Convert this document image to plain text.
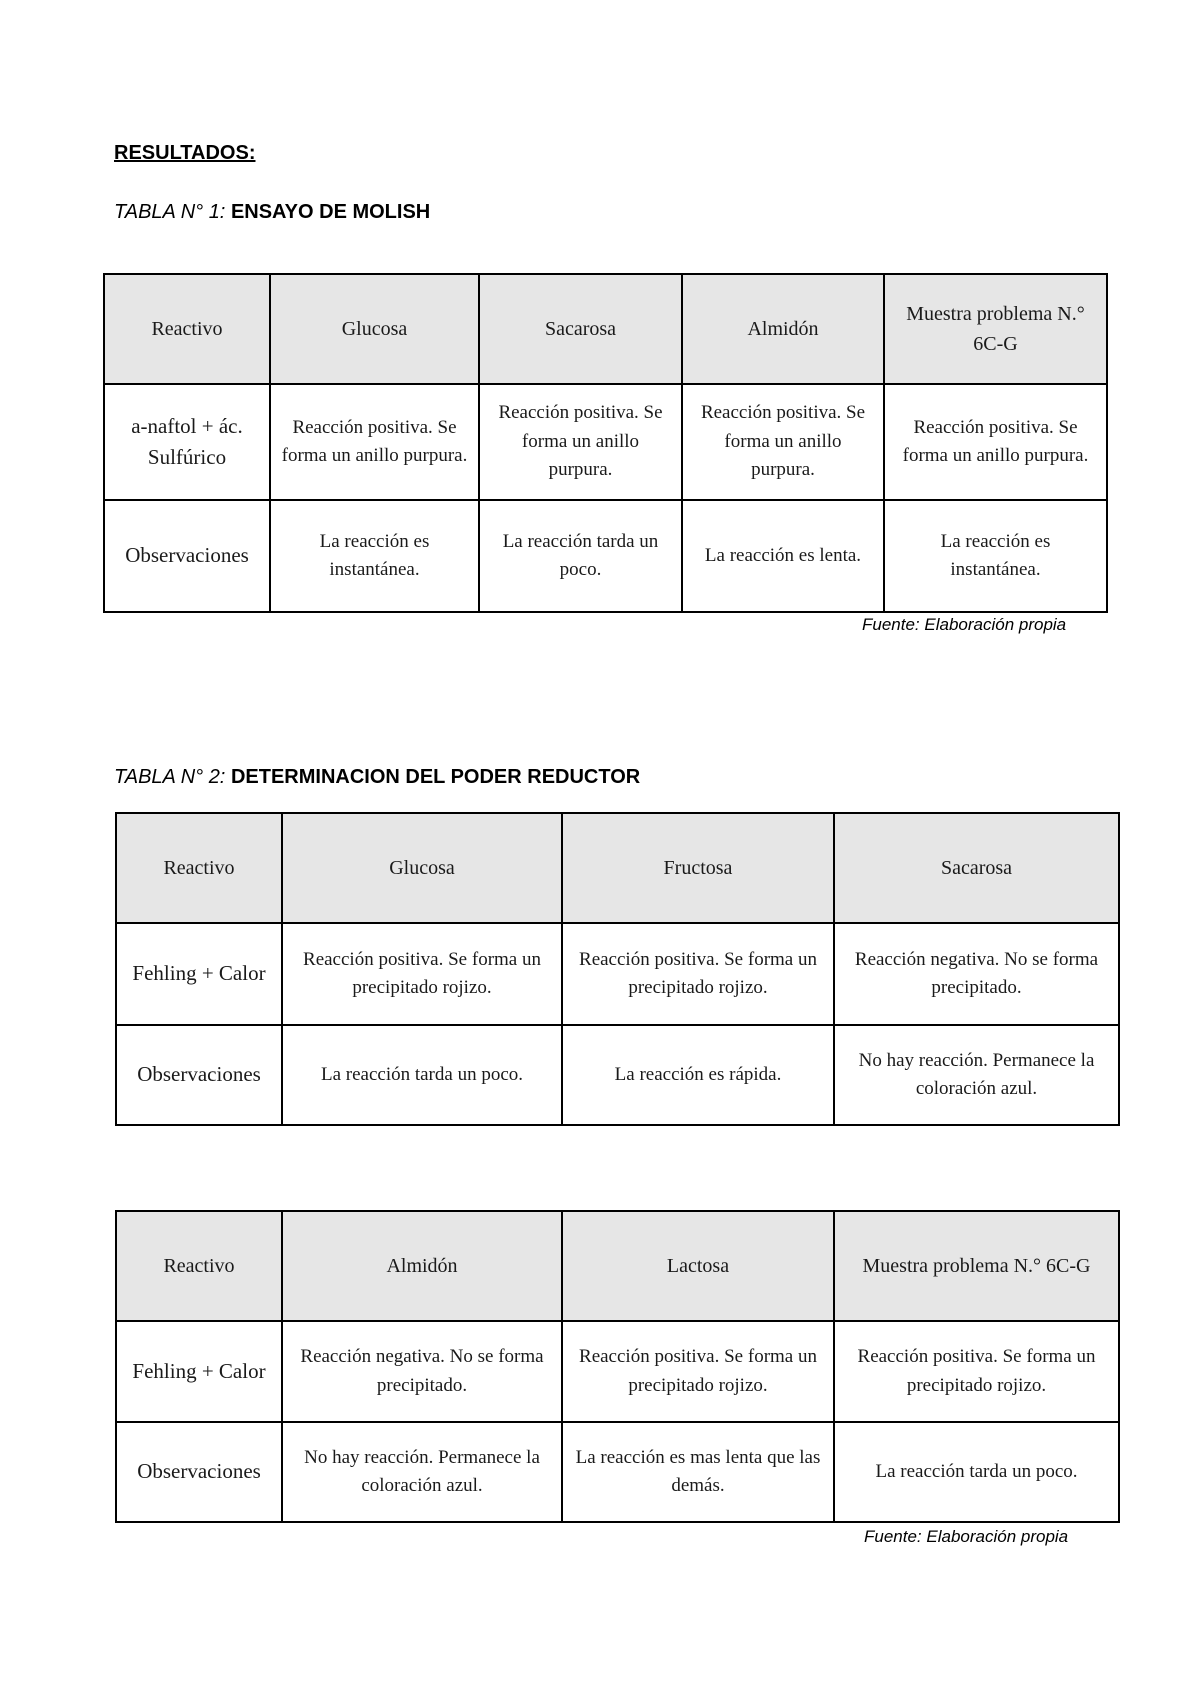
RESULTADOS:
TABLA N° 1: ENSAYO DE MOLISH
Reactivo	Glucosa	Sacarosa	Almidón	Muestra problema N.° 6C-G
a-naftol + ác. Sulfúrico	Reacción positiva. Se forma un anillo purpura.	Reacción positiva. Se forma un anillo purpura.	Reacción positiva. Se forma un anillo purpura.	Reacción positiva. Se forma un anillo purpura.
Observaciones	La reacción es instantánea.	La reacción tarda un poco.	La reacción es lenta.	La reacción es instantánea.
Fuente: Elaboración propia
TABLA N° 2: DETERMINACION DEL PODER REDUCTOR
Reactivo	Glucosa	Fructosa	Sacarosa
Fehling + Calor	Reacción positiva. Se forma un precipitado rojizo.	Reacción positiva. Se forma un precipitado rojizo.	Reacción negativa. No se forma precipitado.
Observaciones	La reacción tarda un poco.	La reacción es rápida.	No hay reacción. Permanece la coloración azul.
Reactivo	Almidón	Lactosa	Muestra problema N.° 6C-G
Fehling + Calor	Reacción negativa. No se forma precipitado.	Reacción positiva. Se forma un precipitado rojizo.	Reacción positiva. Se forma un precipitado rojizo.
Observaciones	No hay reacción. Permanece la coloración azul.	La reacción es mas lenta que las demás.	La reacción tarda un poco.
Fuente: Elaboración propia
